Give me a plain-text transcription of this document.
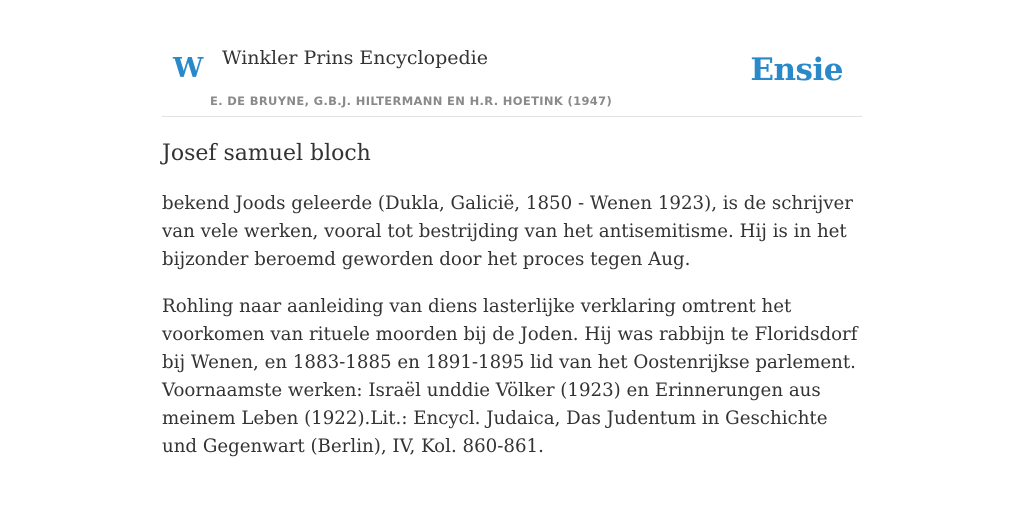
W Winkler Prins Encyclopedie
E. DE BRUYNE, G.B.J. HILTERMANN EN H.R. HOETINK (1947)
Ensie
Josef samuel bloch

bekend Joods geleerde (Dukla, Galicië, 1850 - Wenen 1923), is de schrijver van vele werken, vooral tot bestrijding van het antisemitisme. Hij is in het bijzonder beroemd geworden door het proces tegen Aug.

Rohling naar aanleiding van diens lasterlijke verklaring omtrent het voorkomen van rituele moorden bij de Joden. Hij was rabbijn te Floridsdorf bij Wenen, en 1883-1885 en 1891-1895 lid van het Oostenrijkse parlement. Voornaamste werken: Israël unddie Völker (1923) en Erinnerungen aus meinem Leben (1922).Lit.: Encycl. Judaica, Das Judentum in Geschichte und Gegenwart (Berlin), IV, Kol. 860-861.
